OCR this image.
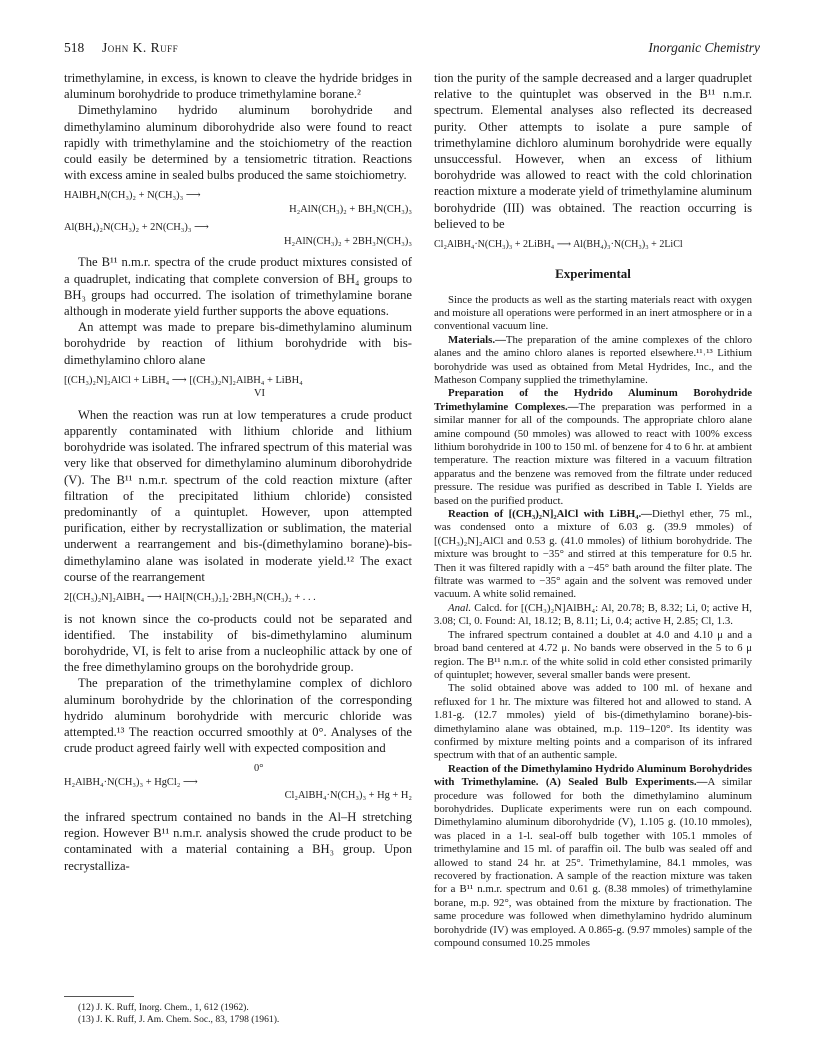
518 John K. Ruff	Inorganic Chemistry

trimethylamine, in excess, is known to cleave the hydride bridges in aluminum borohydride to produce trimethylamine borane.²

Dimethylamino hydrido aluminum borohydride and dimethylamino aluminum diborohydride also were found to react rapidly with trimethylamine and the stoichiometry of the reaction could easily be determined by a tensiometric titration. Reactions with excess amine in sealed bulbs produced the same stoichiometry.

HAlBH₄N(CH₃)₂ + N(CH₃)₃ ⟶
H₂AlN(CH₃)₂ + BH₃N(CH₃)₃
Al(BH₄)₂N(CH₃)₂ + 2N(CH₃)₃ ⟶
H₂AlN(CH₃)₂ + 2BH₃N(CH₃)₃

The B¹¹ n.m.r. spectra of the crude product mixtures consisted of a quadruplet, indicating that complete conversion of BH₄ groups to BH₃ groups had occurred. The isolation of trimethylamine borane although in moderate yield further supports the above equations.

An attempt was made to prepare bis-dimethylamino aluminum borohydride by reaction of lithium borohydride with bis-dimethylamino chloro alane

[(CH₃)₂N]₂AlCl + LiBH₄ ⟶ [(CH₃)₂N]₂AlBH₄ + LiBH₄
VI

When the reaction was run at low temperatures a crude product apparently contaminated with lithium chloride and lithium borohydride was isolated. The infrared spectrum of this material was very like that observed for dimethylamino aluminum diborohydride (V). The B¹¹ n.m.r. spectrum of the cold reaction mixture (after filtration of the precipitated lithium chloride) consisted predominantly of a quintuplet. However, upon attempted purification, either by recrystallization or sublimation, the material underwent a rearrangement and bis-(dimethylamino borane)-bis-dimethylamino alane was isolated in moderate yield.¹² The exact course of the rearrangement

2[(CH₃)₂N]₂AlBH₄ ⟶ HAl[N(CH₃)₂]₂·2BH₃N(CH₃)₂ + . . .

is not known since the co-products could not be separated and identified. The instability of bis-dimethylamino aluminum borohydride, VI, is felt to arise from a nucleophilic attack by one of the free dimethylamino groups on the borohydride group.

The preparation of the trimethylamine complex of dichloro aluminum borohydride by the chlorination of the corresponding hydrido aluminum borohydride with mercuric chloride was attempted.¹³ The reaction occurred smoothly at 0°. Analyses of the crude product agreed fairly well with expected composition and

0°
H₂AlBH₄·N(CH₃)₃ + HgCl₂ ⟶
Cl₂AlBH₄·N(CH₃)₃ + Hg + H₂

the infrared spectrum contained no bands in the Al–H stretching region. However B¹¹ n.m.r. analysis showed the crude product to be contaminated with a material containing a BH₃ group. Upon recrystalliza-

(12) J. K. Ruff, Inorg. Chem., 1, 612 (1962).
(13) J. K. Ruff, J. Am. Chem. Soc., 83, 1798 (1961).

tion the purity of the sample decreased and a larger quadruplet relative to the quintuplet was observed in the B¹¹ n.m.r. spectrum. Elemental analyses also reflected its decreased purity. Other attempts to isolate a pure sample of trimethylamine dichloro aluminum borohydride were equally unsuccessful. However, when an excess of lithium borohydride was allowed to react with the cold chlorination reaction mixture a moderate yield of trimethylamine aluminum borohydride (III) was obtained. The reaction occurring is believed to be

Cl₂AlBH₄·N(CH₃)₃ + 2LiBH₄ ⟶ Al(BH₄)₃·N(CH₃)₃ + 2LiCl
Experimental

Since the products as well as the starting materials react with oxygen and moisture all operations were performed in an inert atmosphere or in a conventional vacuum line.

Materials.—The preparation of the amine complexes of the chloro alanes and the amino chloro alanes is reported elsewhere.¹¹˒¹³ Lithium borohydride was used as obtained from Metal Hydrides, Inc., and the Matheson Company supplied the trimethylamine.

Preparation of the Hydrido Aluminum Borohydride Trimethylamine Complexes.—The preparation was performed in a similar manner for all of the compounds. The appropriate chloro alane amine compound (50 mmoles) was allowed to react with 100% excess lithium borohydride in 100 to 150 ml. of benzene for 4 to 6 hr. at ambient temperature. The reaction mixture was filtered in a vacuum filtration apparatus and the benzene was removed from the filtrate under reduced pressure. The residue was purified as described in Table I. Yields are based on the purified product.

Reaction of [(CH₃)₂N]₂AlCl with LiBH₄.—Diethyl ether, 75 ml., was condensed onto a mixture of 6.03 g. (39.9 mmoles) of [(CH₃)₂N]₂AlCl and 0.53 g. (41.0 mmoles) of lithium borohydride. The mixture was brought to −35° and stirred at this temperature for 0.5 hr. Then it was filtered rapidly with a −45° bath around the filter plate. The filtrate was warmed to −35° again and the solvent was removed under vacuum. A white solid remained.

Anal. Calcd. for [(CH₃)₂N]AlBH₄: Al, 20.78; B, 8.32; Li, 0; active H, 3.08; Cl, 0. Found: Al, 18.12; B, 8.11; Li, 0.4; active H, 2.85; Cl, 1.3.

The infrared spectrum contained a doublet at 4.0 and 4.10 μ and a broad band centered at 4.72 μ. No bands were observed in the 5 to 6 μ region. The B¹¹ n.m.r. of the white solid in cold ether consisted primarily of quintuplet; however, several smaller bands were present.

The solid obtained above was added to 100 ml. of hexane and refluxed for 1 hr. The mixture was filtered hot and allowed to stand. A 1.81-g. (12.7 mmoles) yield of bis-(dimethylamino borane)-bis-dimethylamino alane was obtained, m.p. 119–120°. Its identity was confirmed by mixture melting points and a comparison of its infrared spectrum with that of an authentic sample.

Reaction of the Dimethylamino Hydrido Aluminum Borohydrides with Trimethylamine. (A) Sealed Bulb Experiments.—A similar procedure was followed for both the dimethylamino aluminum borohydrides. Duplicate experiments were run on each compound. Dimethylamino aluminum diborohydride (V), 1.105 g. (10.10 mmoles), was placed in a 1-l. seal-off bulb together with 105.1 mmoles of trimethylamine and 15 ml. of paraffin oil. The bulb was sealed off and allowed to stand 24 hr. at 25°. Trimethylamine, 84.1 mmoles, was recovered by fractionation. A sample of the reaction mixture was taken for a B¹¹ n.m.r. spectrum and 0.61 g. (8.38 mmoles) of trimethylamine borane, m.p. 92°, was obtained from the mixture by fractionation. The same procedure was followed when dimethylamino hydrido aluminum borohydride (IV) was employed. A 0.865-g. (9.97 mmoles) sample of the compound consumed 10.25 mmoles
